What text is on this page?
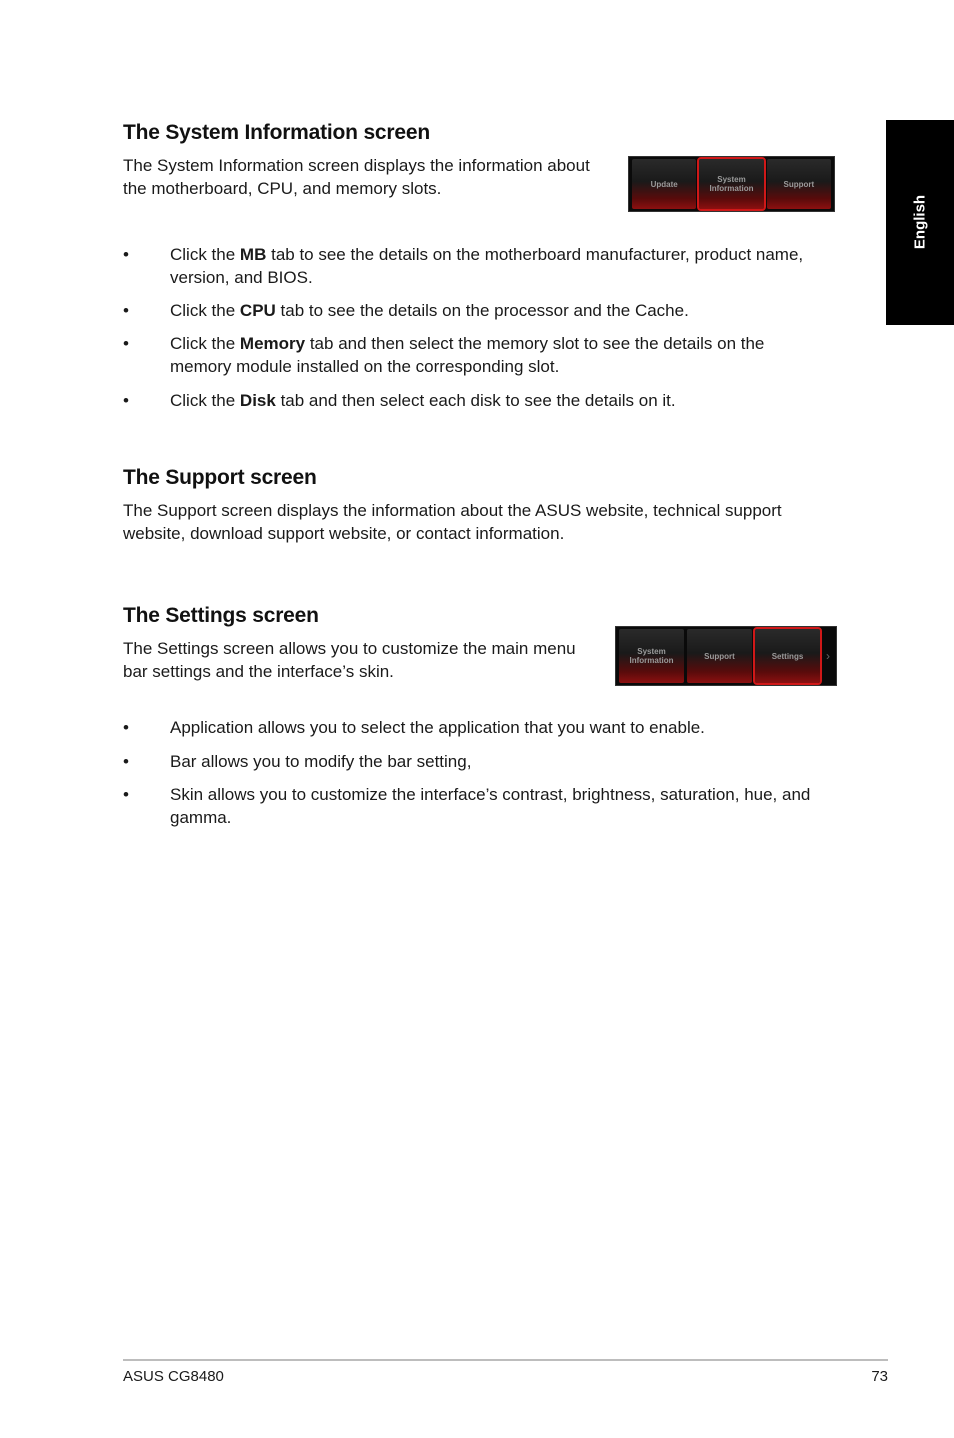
English
The System Information screen

The System Information screen displays the information about
the motherboard, CPU, and memory slots.	Update	System Information	Support
• Click the MB tab to see the details on the motherboard manufacturer, product name, version, and BIOS.
• Click the CPU tab to see the details on the processor and the Cache.
• Click the Memory tab and then select the memory slot to see the details on the memory module installed on the corresponding slot.
• Click the Disk tab and then select each disk to see the details on it.
The Support screen

The Support screen displays the information about the ASUS website, technical support
website, download support website, or contact information.

The Settings screen

The Settings screen allows you to customize the main menu
bar settings and the interface’s skin.

System Information	Support	Settings	›
• Application allows you to select the application that you want to enable.
• Bar allows you to modify the bar setting,
• Skin allows you to customize the interface’s contrast, brightness, saturation, hue, and gamma.
ASUS CG8480	73
